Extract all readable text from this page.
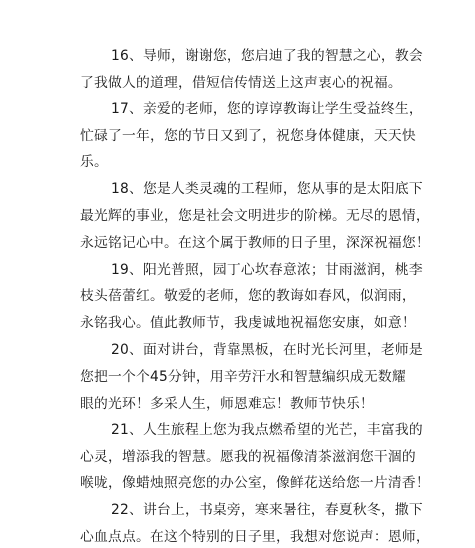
16、导师，谢谢您，您启迪了我的智慧之心，教会
了我做人的道理，借短信传情送上这声衷心的祝福。
17、亲爱的老师，您的谆谆教诲让学生受益终生，
忙碌了一年，您的节日又到了，祝您身体健康，天天快
乐。
18、您是人类灵魂的工程师，您从事的是太阳底下
最光辉的事业，您是社会文明进步的阶梯。无尽的恩情，
永远铭记心中。在这个属于教师的日子里，深深祝福您！
19、阳光普照，园丁心坎春意浓；甘雨滋润，桃李
枝头蓓蕾红。敬爱的老师，您的教诲如春风，似润雨，
永铭我心。值此教师节，我虔诚地祝福您安康，如意！
20、面对讲台，背靠黑板，在时光长河里，老师是
您把一个个45分钟，用辛劳汗水和智慧编织成无数耀
眼的光环！多采人生，师恩难忘！教师节快乐！
21、人生旅程上您为我点燃希望的光芒，丰富我的
心灵，增添我的智慧。愿我的祝福像清茶滋润您干涸的
喉咙，像蜡烛照亮您的办公室，像鲜花送给您一片清香！
22、讲台上，书桌旁，寒来暑往，春夏秋冬，撒下
心血点点。在这个特别的日子里，我想对您说声：恩师，
